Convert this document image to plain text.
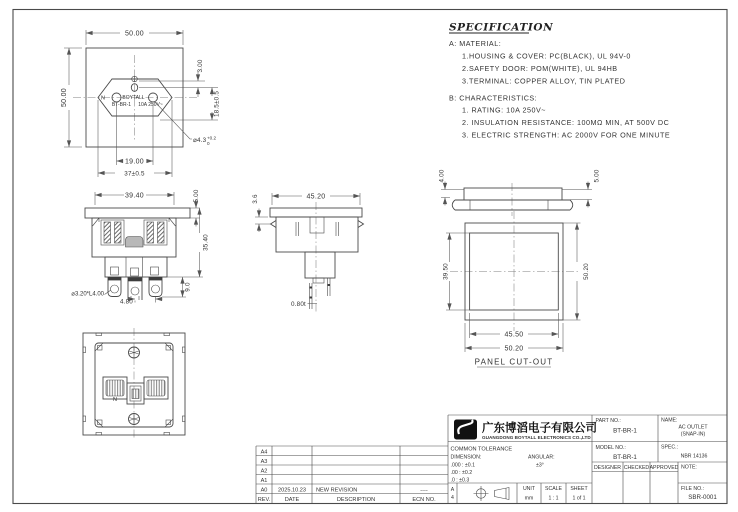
N	BOYTALL
BT-BR-1 10A 250V~
50.00
50.00
3.00
18.5±0.5
⌀4.3 +0.2
0
19.00
37±0.5
39.40	5.00
35.40
9.0
4.80
⌀3.20*L4.00
45.20
3.6
0.80t
4.00	5.00
39.50	50.20
45.50
50.20
PANEL CUT-OUT
N
SPECIFICATION
A: MATERIAL:
1.HOUSING & COVER: PC(BLACK), UL 94V-0
2.SAFETY DOOR: POM(WHITE), UL 94HB
3.TERMINAL: COPPER ALLOY, TIN PLATED
B: CHARACTERISTICS:
1. RATING: 10A 250V~
2. INSULATION RESISTANCE: 100MΩ MIN, AT 500V DC
3. ELECTRIC STRENGTH: AC 2000V FOR ONE MINUTE
A4
A3
A2
A1
A0 2025.10.23 NEW REVISION	----
REV.	DATE	DESCRIPTION	ECN NO.
广东博滔电子有限公司
GUANGDONG BOYTALL ELECTRONICS CO.,LTD
PART NO.:
BT-BR-1
NAME:
AC OUTLET
(SNAP-IN)
MODEL NO.:
BT-BR-1
SPEC.:
NBR 14136
DESIGNER CHECKED APPROVED NOTE:
FILE NO.:
SBR-0001
COMMON TOLERANCE
DIMENSION:	ANGULAR:
.000 : ±0.1	±3°
.00 : ±0.2
.0 : ±0.3
A
4
UNIT
mm
SCALE
1 : 1
SHEET
1 of 1
